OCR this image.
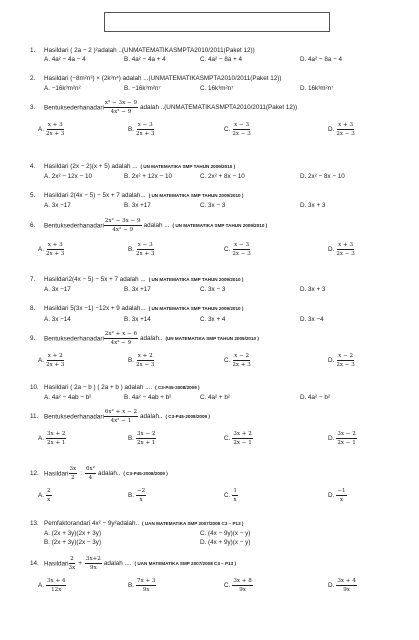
1. Hasildari ( 2a − 2 )²adalah ..(UNMATEMATIKASMPTA2010/2011(Paket 12))
A. 4a² − 4a − 4	B. 4a² − 4a + 4	C. 4a² − 8a + 4	D. 4a² − 8a − 4
2. Hasildari (−8m²n³) × (2k³n⁴) adalah ...(UNMATEMATIKASMPTA2010/2011(Paket 12))
A. −16k³m²n²	B. −16k³m²n⁷	C. 16k³m²n⁷	D. 16k³m²n⁷
3. Bentuksederhanadari $\frac{\text{x² − 3x − 9}}{\text{4x² − 9}}$ adalah ..(UNMATEMATIKASMPTA2010/2011(Paket 12))
A. $\frac{x + 3}{2x + 3}$	B. $\frac{x - 3}{2x + 3}$	C. $\frac{x - 3}{2x - 3}$	D. $\frac{x + 3}{2x - 3}$
4. Hasildari (2x − 2)(x + 5) adalah ... ( UN MATEMATIKA SMP TAHUN 2009/2010 )
A. 2x² − 12x − 10	B. 2x² + 12x − 10	C. 2x² + 8x − 10	D. 2x² − 8x − 10
5. Hasildari 2(4x − 5) − 5x + 7 adalah... ( UN MATEMATIKA SMP TAHUN 2009/2010 )
A. 3x −17	B. 3x +17	C. 3x − 3	D. 3x + 3
6. Bentuksederhanadari $\frac{\text{2x² − 3x − 9}}{\text{4x² − 9}}$ adalah ... ( UN MATEMATIKA SMP TAHUN 2009/2010 )
A. $\frac{x + 3}{2x + 3}$	B. $\frac{x - 3}{2x + 3}$	C. $\frac{x - 3}{2x - 3}$	D. $\frac{x + 3}{2x - 3}$
7. Hasildari2(4x − 5) − 5x + 7 adalah ... ( UN MATEMATIKA SMP TAHUN 2009/2010 )
A. 3x −17	B. 3x +17	C. 3x − 3	D. 3x + 3
8. Hasildari 5(3x −1) −12x + 9 adalah... ( UN MATEMATIKA SMP TAHUN 2009/2010 )
A. 3x −14	B. 3x +14	C. 3x + 4	D. 3x −4
9. Bentuksederhanadari $\frac{\text{2x² + x − 6}}{\text{4x² − 9}}$ adalah.. (UN MATEMATIKA SMP TAHUN 2009/2010 )
A. $\frac{x + 2}{2x + 3}$	B. $\frac{x + 2}{2x - 3}$	C. $\frac{x - 2}{2x + 3}$	D. $\frac{x - 2}{2x - 3}$
10. Hasildari ( 2a − b ) ( 2a + b ) adalah .... ( C3-P45-2008/2009 )
A. 4a² − 4ab − b²	B. 4a² − 4ab + b²	C. 4a² + b²	D. 4a² − b²
11. Bentuksederhanadari $\frac{\text{6x² + x − 2}}{\text{4x² − 1}}$ adalah.. ( C3-P45-2008/2009 )
A. $\frac{3x + 2}{2x + 1}$	B. $\frac{3x - 2}{2x + 1}$	C. $\frac{3x + 2}{2x - 1}$	D. $\frac{3x - 2}{2x - 1}$
12. Hasildari $\frac{3x}{2}$ : $\frac{\text{6x²}}{4}$ adalah.. ( C3-P45-2008/2009 )
A. $\frac{2}{x}$	B. $\frac{-2}{x}$	C. $\frac{1}{x}$	D. $\frac{-1}{x}$
13. Pemfaktorandari 4x² − 9y²adalah.. ( UAN MATEMATIKA SMP 2007/2008 C3 – P13 )
A. (2x + 3y)(2x + 3y)
B. (2x + 3y)(2x − 3y)
C. (4x − 9y)(x − y)
D. (4x + 9y)(x − y)
14. Hasildari $\frac{2}{3x} + \frac{3x+2}{9x}$ adalah .... ( UAN MATEMATIKA SMP 2007/2008 C3 – P13 )
A. $\frac{3x + 4}{12x}$	B. $\frac{7x + 3}{9x}$	C. $\frac{3x + 8}{9x}$	D. $\frac{3x + 4}{9x}$
